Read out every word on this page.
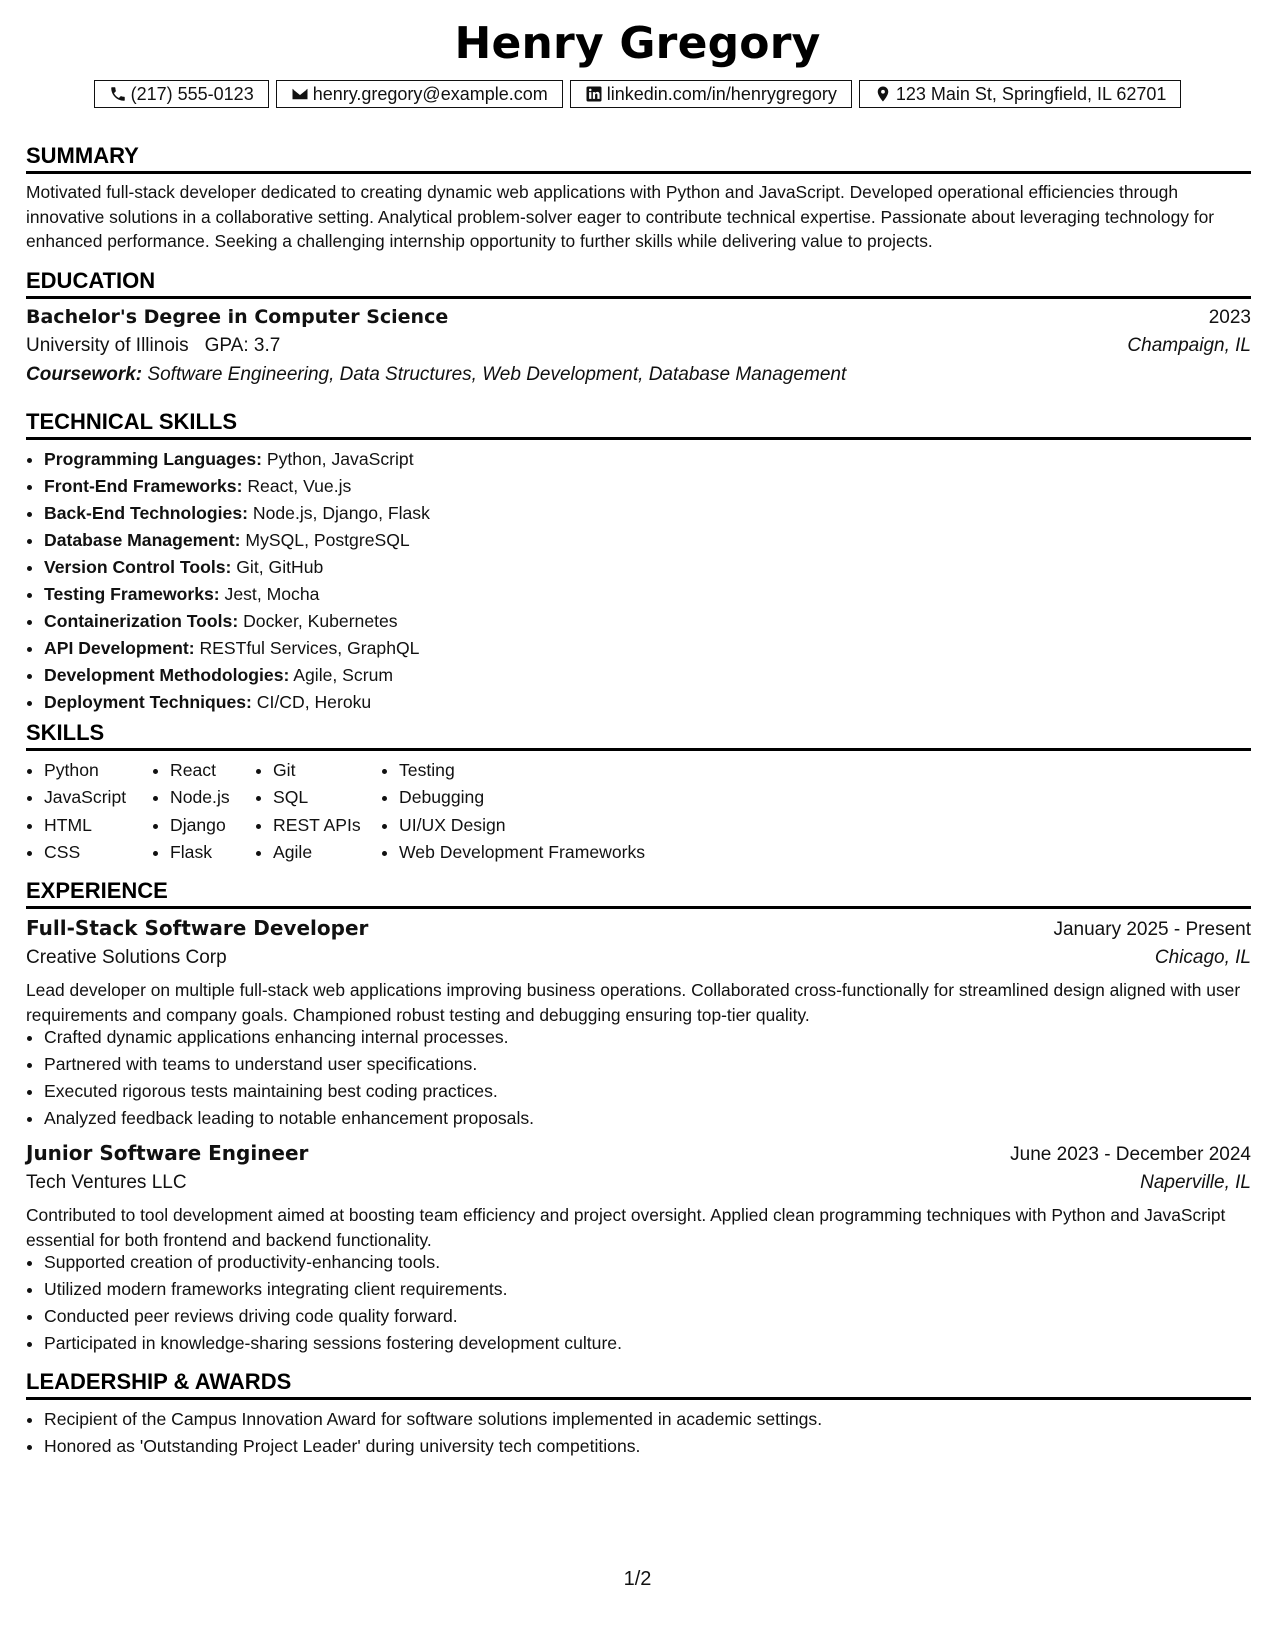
Henry Gregory
(217) 555-0123	henry.gregory@example.com	linkedin.com/in/henrygregory	123 Main St, Springfield, IL 62701
SUMMARY
Motivated full-stack developer dedicated to creating dynamic web applications with Python and JavaScript. Developed operational efficiencies through innovative solutions in a collaborative setting. Analytical problem-solver eager to contribute technical expertise. Passionate about leveraging technology for enhanced performance. Seeking a challenging internship opportunity to further skills while delivering value to projects.
EDUCATION
Bachelor's Degree in Computer Science	2023
University of Illinois GPA: 3.7	Champaign, IL
Coursework: Software Engineering, Data Structures, Web Development, Database Management
TECHNICAL SKILLS
• Programming Languages: Python, JavaScript
• Front-End Frameworks: React, Vue.js
• Back-End Technologies: Node.js, Django, Flask
• Database Management: MySQL, PostgreSQL
• Version Control Tools: Git, GitHub
• Testing Frameworks: Jest, Mocha
• Containerization Tools: Docker, Kubernetes
• API Development: RESTful Services, GraphQL
• Development Methodologies: Agile, Scrum
• Deployment Techniques: CI/CD, Heroku
SKILLS
• Python
• JavaScript
• HTML
• CSS
• React
• Node.js
• Django
• Flask
• Git
• SQL
• REST APIs
• Agile
• Testing
• Debugging
• UI/UX Design
• Web Development Frameworks
EXPERIENCE
Full-Stack Software Developer	January 2025 - Present
Creative Solutions Corp	Chicago, IL
Lead developer on multiple full-stack web applications improving business operations. Collaborated cross-functionally for streamlined design aligned with user requirements and company goals. Championed robust testing and debugging ensuring top-tier quality.
• Crafted dynamic applications enhancing internal processes.
• Partnered with teams to understand user specifications.
• Executed rigorous tests maintaining best coding practices.
• Analyzed feedback leading to notable enhancement proposals.
Junior Software Engineer	June 2023 - December 2024
Tech Ventures LLC	Naperville, IL
Contributed to tool development aimed at boosting team efficiency and project oversight. Applied clean programming techniques with Python and JavaScript essential for both frontend and backend functionality.
• Supported creation of productivity-enhancing tools.
• Utilized modern frameworks integrating client requirements.
• Conducted peer reviews driving code quality forward.
• Participated in knowledge-sharing sessions fostering development culture.
LEADERSHIP & AWARDS
• Recipient of the Campus Innovation Award for software solutions implemented in academic settings.
• Honored as 'Outstanding Project Leader' during university tech competitions.
1/2
